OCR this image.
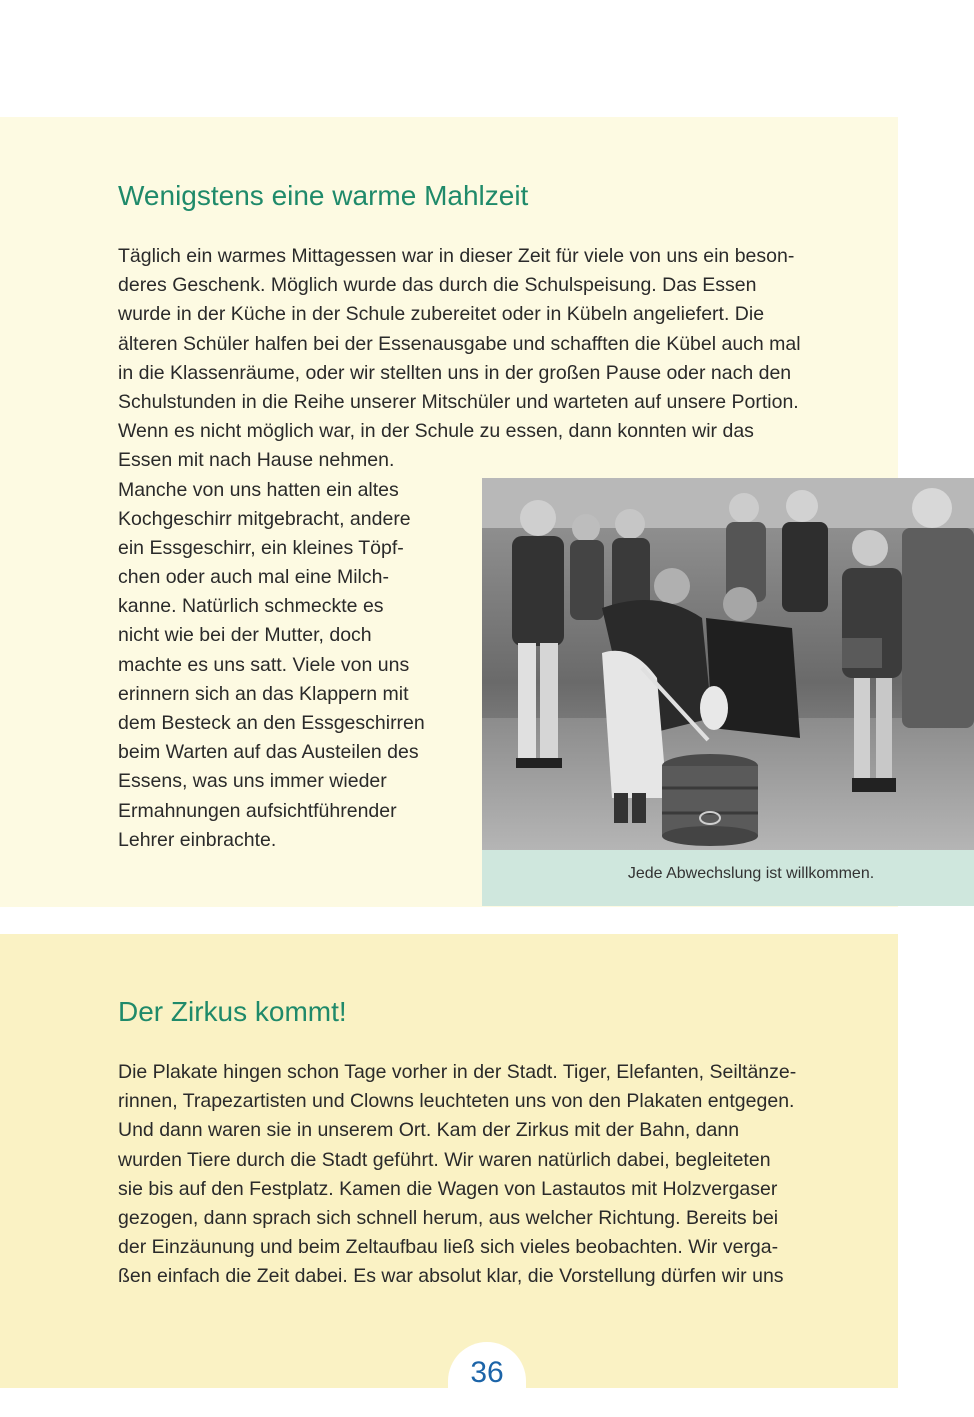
Wenigstens eine warme Mahlzeit
Täglich ein warmes Mittagessen war in dieser Zeit für viele von uns ein beson-
deres Geschenk. Möglich wurde das durch die Schulspeisung. Das Essen
wurde in der Küche in der Schule zubereitet oder in Kübeln angeliefert. Die
älteren Schüler halfen bei der Essenausgabe und schafften die Kübel auch mal
in die Klassenräume, oder wir stellten uns in der großen Pause oder nach den
Schulstunden in die Reihe unserer Mitschüler und warteten auf unsere Portion.
Wenn es nicht möglich war, in der Schule zu essen, dann konnten wir das
Essen mit nach Hause nehmen.
Manche von uns hatten ein altes
Kochgeschirr mitgebracht, andere
ein Essgeschirr, ein kleines Töpf-
chen oder auch mal eine Milch-
kanne. Natürlich schmeckte es
nicht wie bei der Mutter, doch
machte es uns satt. Viele von uns
erinnern sich an das Klappern mit
dem Besteck an den Essgeschirren
beim Warten auf das Austeilen des
Essens, was uns immer wieder
Ermahnungen aufsichtführender
Lehrer einbrachte.
Jede Abwechslung ist willkommen.
Der Zirkus kommt!
Die Plakate hingen schon Tage vorher in der Stadt. Tiger, Elefanten, Seiltänze-
rinnen, Trapezartisten und Clowns leuchteten uns von den Plakaten entgegen.
Und dann waren sie in unserem Ort. Kam der Zirkus mit der Bahn, dann
wurden Tiere durch die Stadt geführt. Wir waren natürlich dabei, begleiteten
sie bis auf den Festplatz. Kamen die Wagen von Lastautos mit Holzvergaser
gezogen, dann sprach sich schnell herum, aus welcher Richtung. Bereits bei
der Einzäunung und beim Zeltaufbau ließ sich vieles beobachten. Wir verga-
ßen einfach die Zeit dabei. Es war absolut klar, die Vorstellung dürfen wir uns
36
